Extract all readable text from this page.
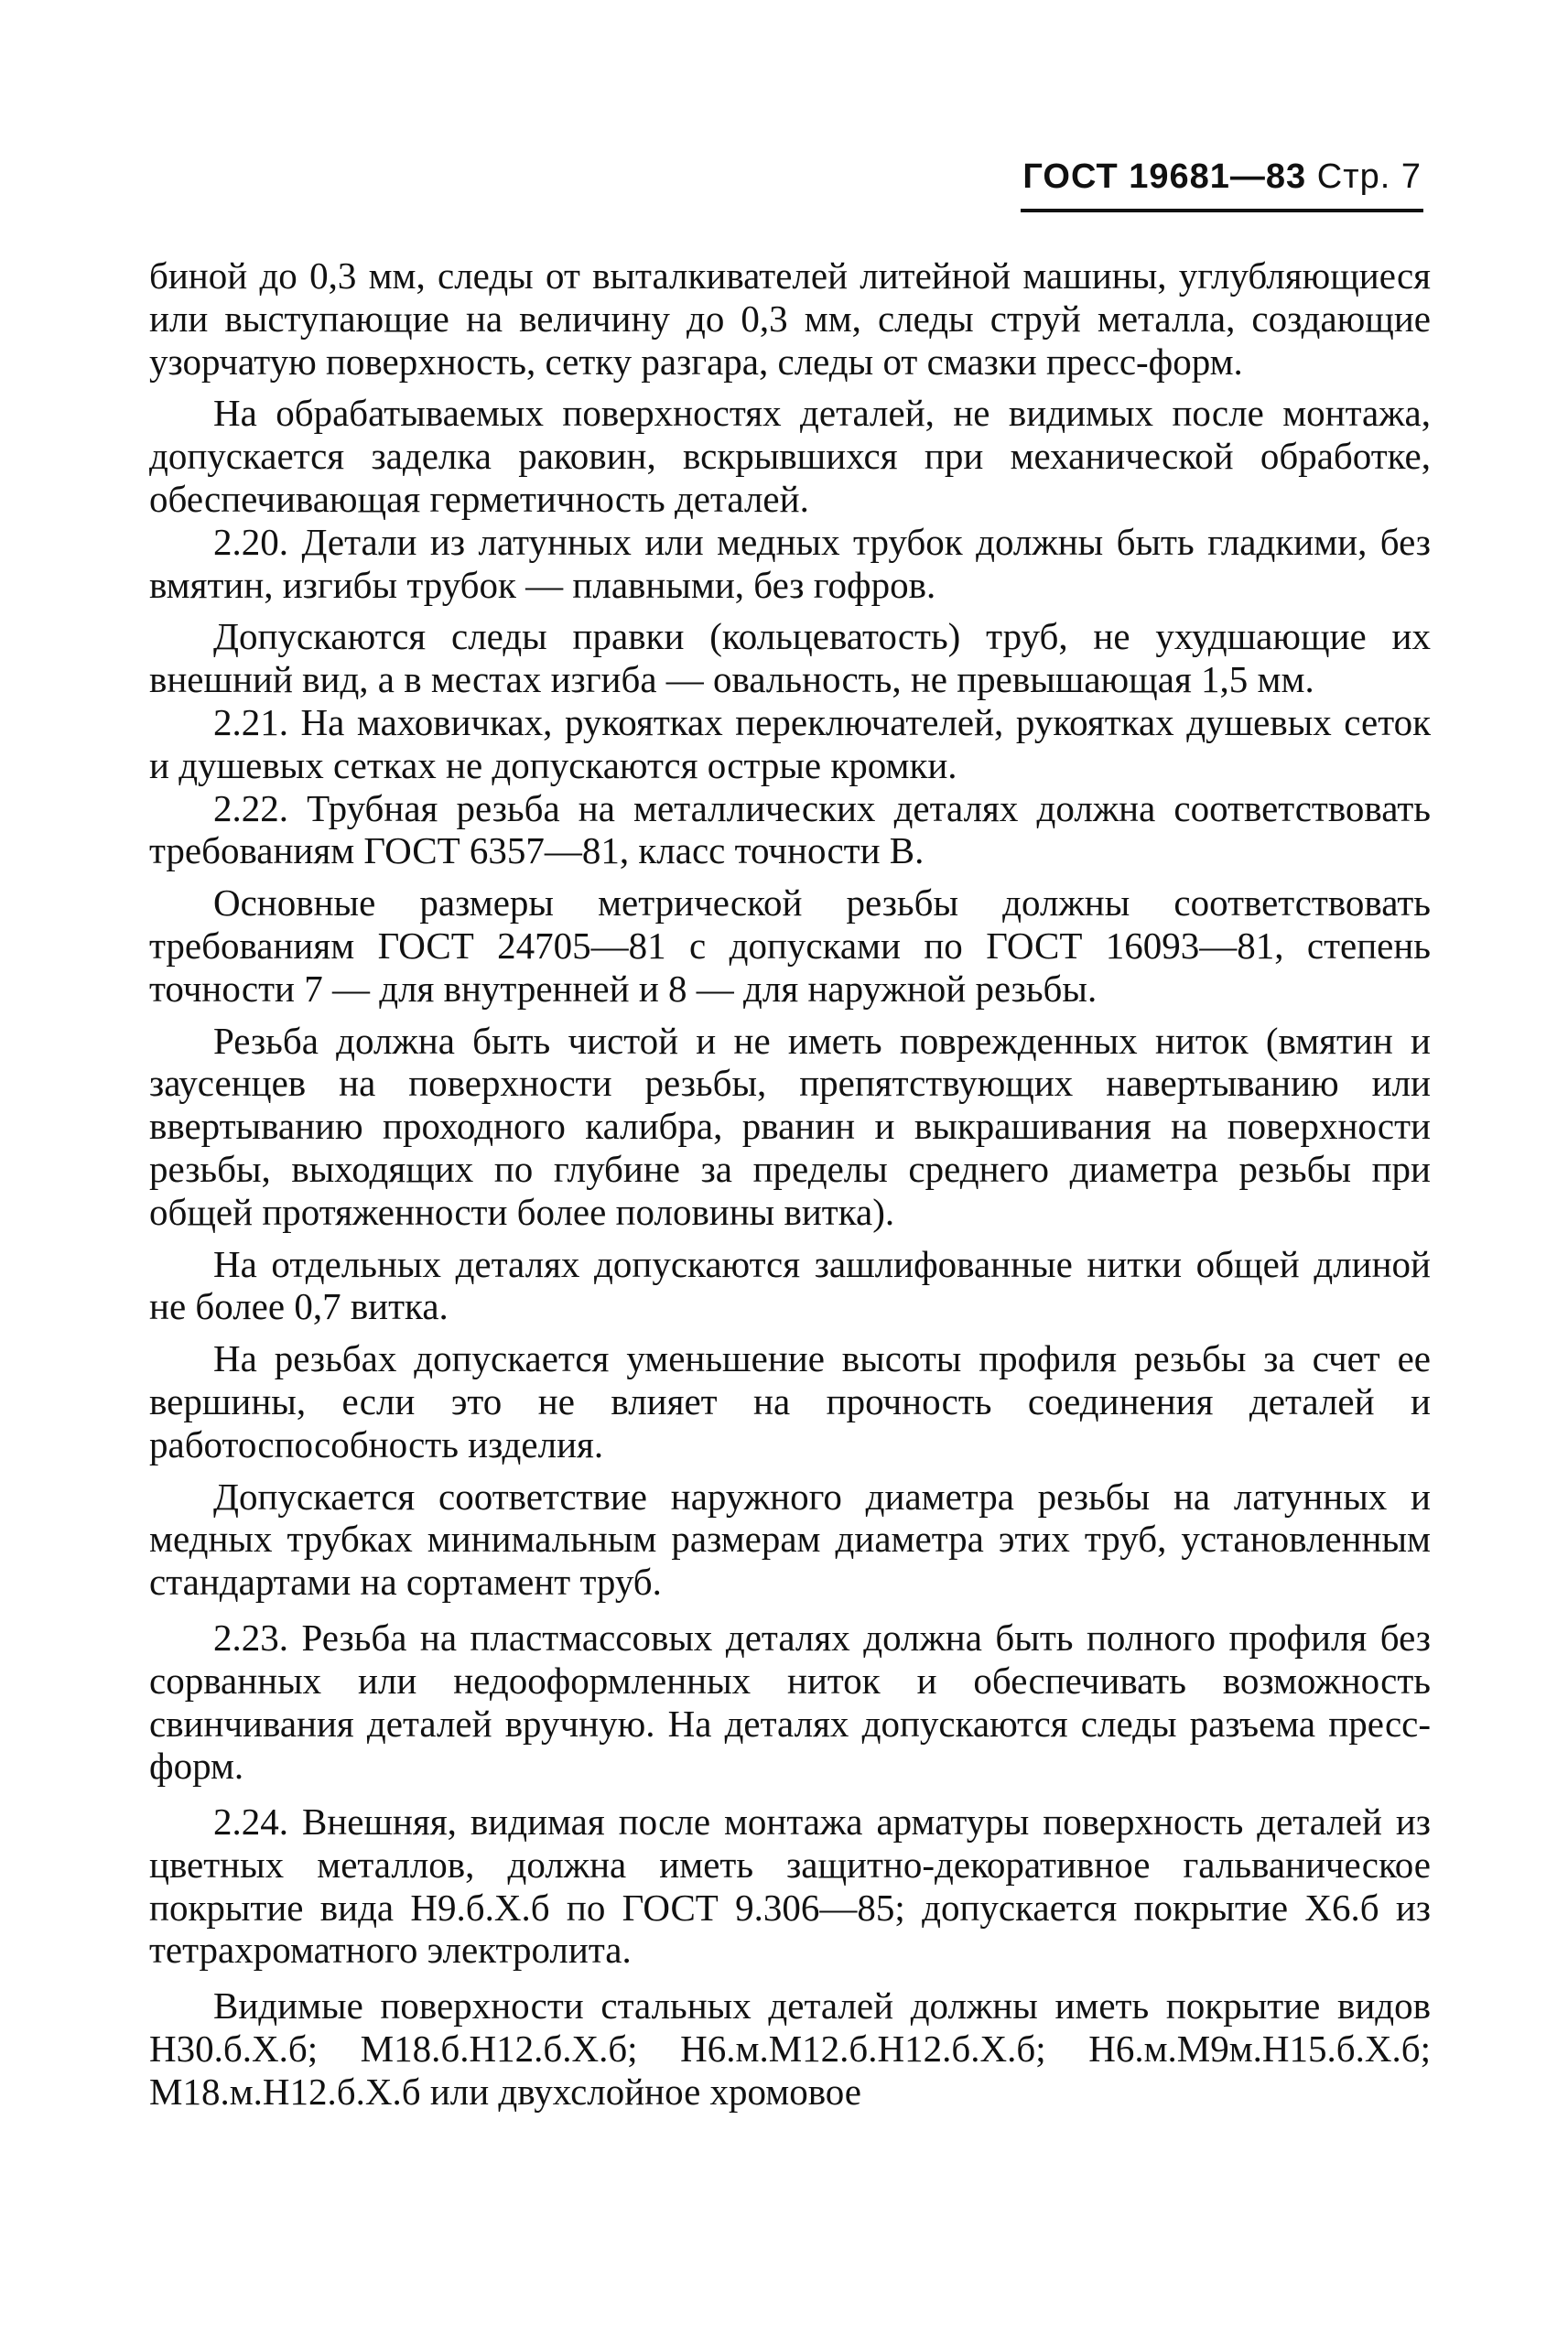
ГОСТ 19681—83 Стр. 7

биной до 0,3 мм, следы от выталкивателей литейной машины, углубляющиеся или выступающие на величину до 0,3 мм, следы струй металла, создающие узорчатую поверхность, сетку разгара, следы от смазки пресс-форм.

На обрабатываемых поверхностях деталей, не видимых после монтажа, допускается заделка раковин, вскрывшихся при механической обработке, обеспечивающая герметичность деталей.

2.20. Детали из латунных или медных трубок должны быть гладкими, без вмятин, изгибы трубок — плавными, без гофров.

Допускаются следы правки (кольцеватость) труб, не ухудшающие их внешний вид, а в местах изгиба — овальность, не превышающая 1,5 мм.

2.21. На маховичках, рукоятках переключателей, рукоятках душевых сеток и душевых сетках не допускаются острые кромки.

2.22. Трубная резьба на металлических деталях должна соответствовать требованиям ГОСТ 6357—81, класс точности В.

Основные размеры метрической резьбы должны соответствовать требованиям ГОСТ 24705—81 с допусками по ГОСТ 16093—81, степень точности 7 — для внутренней и 8 — для наружной резьбы.

Резьба должна быть чистой и не иметь поврежденных ниток (вмятин и заусенцев на поверхности резьбы, препятствующих навертыванию или ввертыванию проходного калибра, рванин и выкрашивания на поверхности резьбы, выходящих по глубине за пределы среднего диаметра резьбы при общей протяженности более половины витка).

На отдельных деталях допускаются зашлифованные нитки общей длиной не более 0,7 витка.

На резьбах допускается уменьшение высоты профиля резьбы за счет ее вершины, если это не влияет на прочность соединения деталей и работоспособность изделия.

Допускается соответствие наружного диаметра резьбы на латунных и медных трубках минимальным размерам диаметра этих труб, установленным стандартами на сортамент труб.

2.23. Резьба на пластмассовых деталях должна быть полного профиля без сорванных или недооформленных ниток и обеспечивать возможность свинчивания деталей вручную. На деталях допускаются следы разъема пресс-форм.

2.24. Внешняя, видимая после монтажа арматуры поверхность деталей из цветных металлов, должна иметь защитно-декоративное гальваническое покрытие вида Н9.б.Х.б по ГОСТ 9.306—85; допускается покрытие Х6.б из тетрахроматного электролита.

Видимые поверхности стальных деталей должны иметь покрытие видов Н30.б.Х.б; М18.б.Н12.б.Х.б; Н6.м.М12.б.Н12.б.Х.б; Н6.м.М9м.Н15.б.Х.б; М18.м.Н12.б.Х.б или двухслойное хромовое
